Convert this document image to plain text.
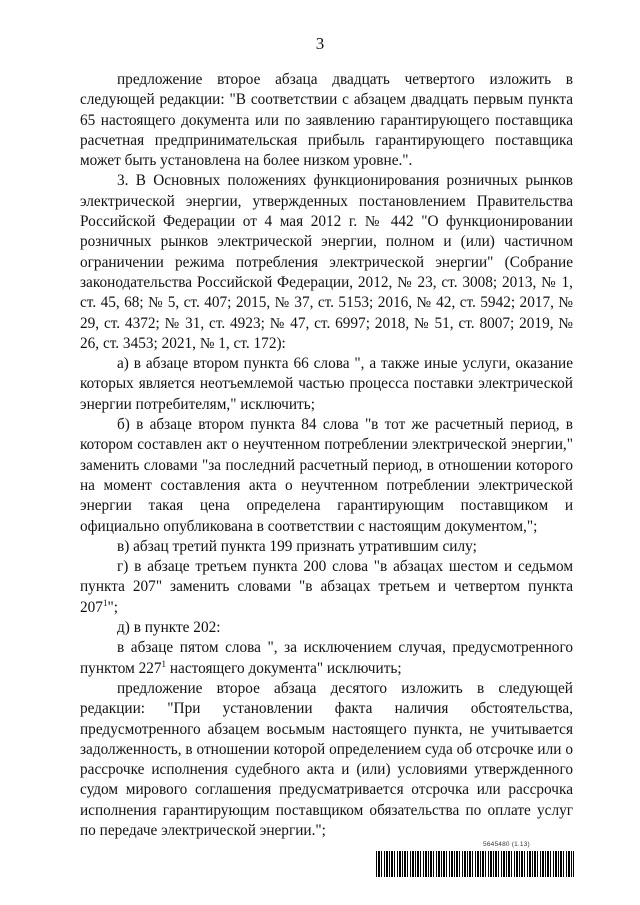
3

предложение второе абзаца двадцать четвертого изложить в следующей редакции: "В соответствии с абзацем двадцать первым пункта 65 настоящего документа или по заявлению гарантирующего поставщика расчетная предпринимательская прибыль гарантирующего поставщика может быть установлена на более низком уровне.".

3. В Основных положениях функционирования розничных рынков электрической энергии, утвержденных постановлением Правительства Российской Федерации от 4 мая 2012 г. № 442 "О функционировании розничных рынков электрической энергии, полном и (или) частичном ограничении режима потребления электрической энергии" (Собрание законодательства Российской Федерации, 2012, № 23, ст. 3008; 2013, № 1, ст. 45, 68; № 5, ст. 407; 2015, № 37, ст. 5153; 2016, № 42, ст. 5942; 2017, № 29, ст. 4372; № 31, ст. 4923; № 47, ст. 6997; 2018, № 51, ст. 8007; 2019, № 26, ст. 3453; 2021, № 1, ст. 172):

а) в абзаце втором пункта 66 слова ", а также иные услуги, оказание которых является неотъемлемой частью процесса поставки электрической энергии потребителям," исключить;

б) в абзаце втором пункта 84 слова "в тот же расчетный период, в котором составлен акт о неучтенном потреблении электрической энергии," заменить словами "за последний расчетный период, в отношении которого на момент составления акта о неучтенном потреблении электрической энергии такая цена определена гарантирующим поставщиком и официально опубликована в соответствии с настоящим документом,";

в) абзац третий пункта 199 признать утратившим силу;

г) в абзаце третьем пункта 200 слова "в абзацах шестом и седьмом пункта 207" заменить словами "в абзацах третьем и четвертом пункта $207^1$";

д) в пункте 202:

в абзаце пятом слова ", за исключением случая, предусмотренного пунктом $227^1$ настоящего документа" исключить;

предложение второе абзаца десятого изложить в следующей редакции: "При установлении факта наличия обстоятельства, предусмотренного абзацем восьмым настоящего пункта, не учитывается задолженность, в отношении которой определением суда об отсрочке или о рассрочке исполнения судебного акта и (или) условиями утвержденного судом мирового соглашения предусматривается отсрочка или рассрочка исполнения гарантирующим поставщиком обязательства по оплате услуг по передаче электрической энергии.";

5645480 (1.13)
